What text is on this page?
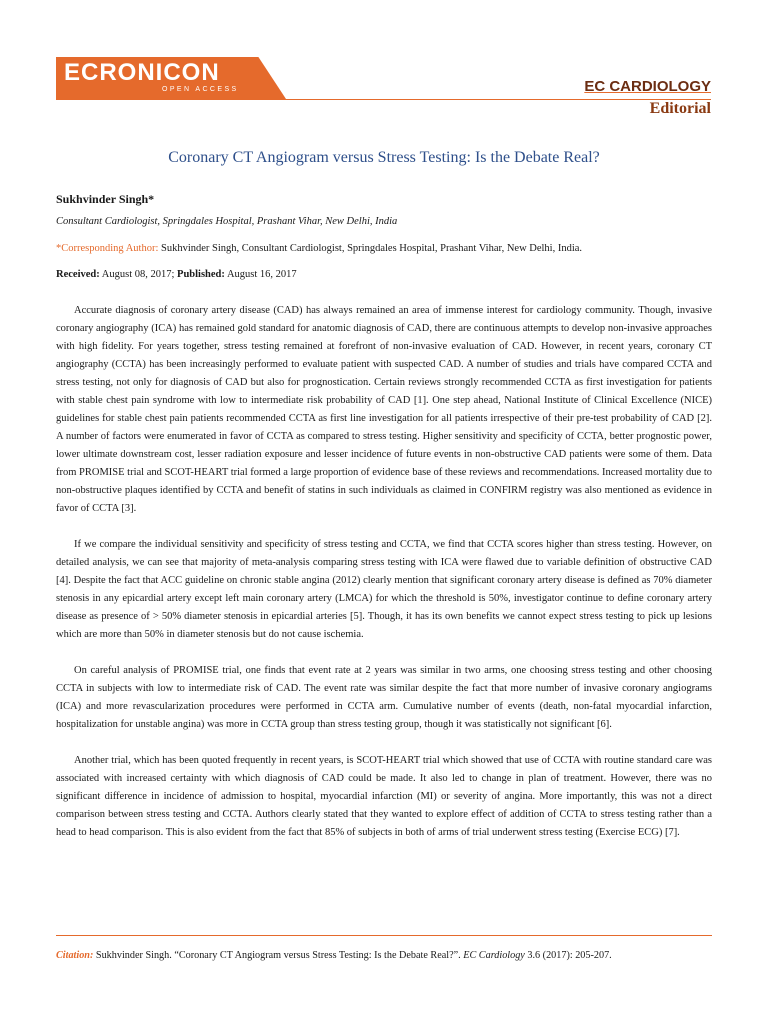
ECRONICON
OPEN ACCESS	EC CARDIOLOGY
Editorial
Coronary CT Angiogram versus Stress Testing: Is the Debate Real?
Sukhvinder Singh*
Consultant Cardiologist, Springdales Hospital, Prashant Vihar, New Delhi, India
*Corresponding Author: Sukhvinder Singh, Consultant Cardiologist, Springdales Hospital, Prashant Vihar, New Delhi, India.
Received: August 08, 2017; Published: August 16, 2017

Accurate diagnosis of coronary artery disease (CAD) has always remained an area of immense interest for cardiology community. Though, invasive coronary angiography (ICA) has remained gold standard for anatomic diagnosis of CAD, there are continuous attempts to develop non-invasive approaches with high fidelity. For years together, stress testing remained at forefront of non-invasive evaluation of CAD. However, in recent years, coronary CT angiography (CCTA) has been increasingly performed to evaluate patient with suspected CAD. A number of studies and trials have compared CCTA and stress testing, not only for diagnosis of CAD but also for prognostication. Certain reviews strongly recommended CCTA as first investigation for patients with stable chest pain syndrome with low to intermediate risk probability of CAD [1]. One step ahead, National Institute of Clinical Excellence (NICE) guidelines for stable chest pain patients recommended CCTA as first line investigation for all patients irrespective of their pre-test probability of CAD [2]. A number of factors were enumerated in favor of CCTA as compared to stress testing. Higher sensitivity and specificity of CCTA, better prognostic power, lower ultimate downstream cost, lesser radiation exposure and lesser incidence of future events in non-obstructive CAD patients were some of them. Data from PROMISE trial and SCOT-HEART trial formed a large proportion of evidence base of these reviews and recommendations. Increased mortality due to non-obstructive plaques identified by CCTA and benefit of statins in such individuals as claimed in CONFIRM registry was also mentioned as evidence in favor of CCTA [3].

If we compare the individual sensitivity and specificity of stress testing and CCTA, we find that CCTA scores higher than stress testing. However, on detailed analysis, we can see that majority of meta-analysis comparing stress testing with ICA were flawed due to variable definition of obstructive CAD [4]. Despite the fact that ACC guideline on chronic stable angina (2012) clearly mention that significant coronary artery disease is defined as 70% diameter stenosis in any epicardial artery except left main coronary artery (LMCA) for which the threshold is 50%, investigator continue to define coronary artery disease as presence of > 50% diameter stenosis in epicardial arteries [5]. Though, it has its own benefits we cannot expect stress testing to pick up lesions which are more than 50% in diameter stenosis but do not cause ischemia.

On careful analysis of PROMISE trial, one finds that event rate at 2 years was similar in two arms, one choosing stress testing and other choosing CCTA in subjects with low to intermediate risk of CAD. The event rate was similar despite the fact that more number of invasive coronary angiograms (ICA) and more revascularization procedures were performed in CCTA arm. Cumulative number of events (death, non-fatal myocardial infarction, hospitalization for unstable angina) was more in CCTA group than stress testing group, though it was statistically not significant [6].

Another trial, which has been quoted frequently in recent years, is SCOT-HEART trial which showed that use of CCTA with routine standard care was associated with increased certainty with which diagnosis of CAD could be made. It also led to change in plan of treatment. However, there was no significant difference in incidence of admission to hospital, myocardial infarction (MI) or severity of angina. More importantly, this was not a direct comparison between stress testing and CCTA. Authors clearly stated that they wanted to explore effect of addition of CCTA to stress testing rather than a head to head comparison. This is also evident from the fact that 85% of subjects in both of arms of trial underwent stress testing (Exercise ECG) [7].

Citation: Sukhvinder Singh. “Coronary CT Angiogram versus Stress Testing: Is the Debate Real?”. EC Cardiology 3.6 (2017): 205-207.
